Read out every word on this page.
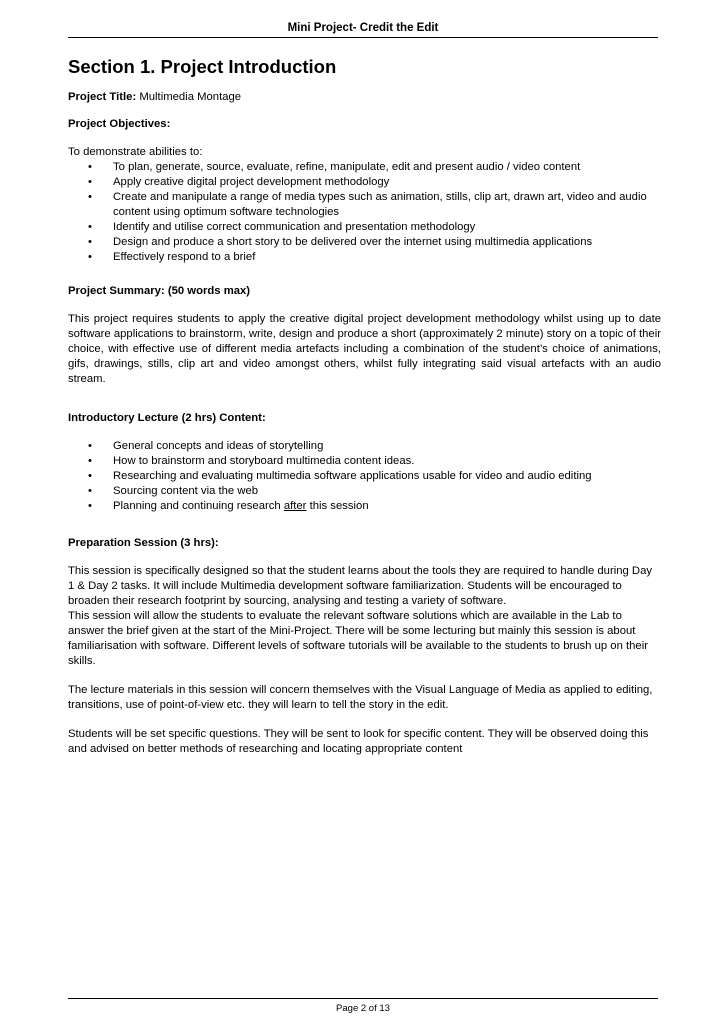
Mini Project- Credit the Edit
Section 1. Project Introduction

Project Title: Multimedia Montage

Project Objectives:

To demonstrate abilities to:

• To plan, generate, source, evaluate, refine, manipulate, edit and present audio / video content
• Apply creative digital project development methodology
• Create and manipulate a range of media types such as animation, stills, clip art, drawn art, video and audio content using optimum software technologies
• Identify and utilise correct communication and presentation methodology
• Design and produce a short story to be delivered over the internet using multimedia applications
• Effectively respond to a brief

Project Summary: (50 words max)

This project requires students to apply the creative digital project development methodology whilst using up to date software applications to brainstorm, write, design and produce a short (approximately 2 minute) story on a topic of their choice, with effective use of different media artefacts including a combination of the student’s choice of animations, gifs, drawings, stills, clip art and video amongst others, whilst fully integrating said visual artefacts with an audio stream.

Introductory Lecture (2 hrs) Content:

• General concepts and ideas of storytelling
• How to brainstorm and storyboard multimedia content ideas.
• Researching and evaluating multimedia software applications usable for video and audio editing
• Sourcing content via the web
• Planning and continuing research after this session

Preparation Session (3 hrs):

This session is specifically designed so that the student learns about the tools they are required to handle during Day 1 & Day 2 tasks. It will include Multimedia development software familiarization. Students will be encouraged to broaden their research footprint by sourcing, analysing and testing a variety of software.

This session will allow the students to evaluate the relevant software solutions which are available in the Lab to answer the brief given at the start of the Mini-Project. There will be some lecturing but mainly this session is about familiarisation with software. Different levels of software tutorials will be available to the students to brush up on their skills.

The lecture materials in this session will concern themselves with the Visual Language of Media as applied to editing, transitions, use of point-of-view etc. they will learn to tell the story in the edit.

Students will be set specific questions. They will be sent to look for specific content. They will be observed doing this and advised on better methods of researching and locating appropriate content

Page 2 of 13
